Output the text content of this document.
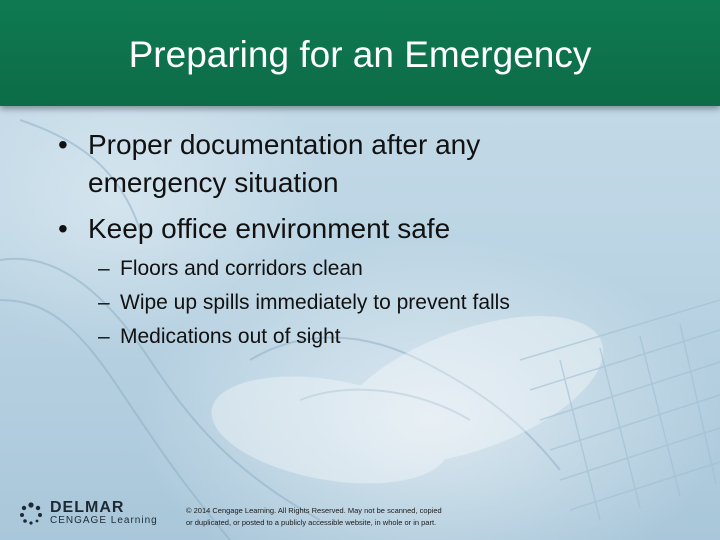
Preparing for an Emergency
• Proper documentation after any
emergency situation
• Keep office environment safe
– Floors and corridors clean
– Wipe up spills immediately to prevent falls
– Medications out of sight
DELMAR
CENGAGE Learning
© 2014 Cengage Learning. All Rights Reserved. May not be scanned, copied
or duplicated, or posted to a publicly accessible website, in whole or in part.
